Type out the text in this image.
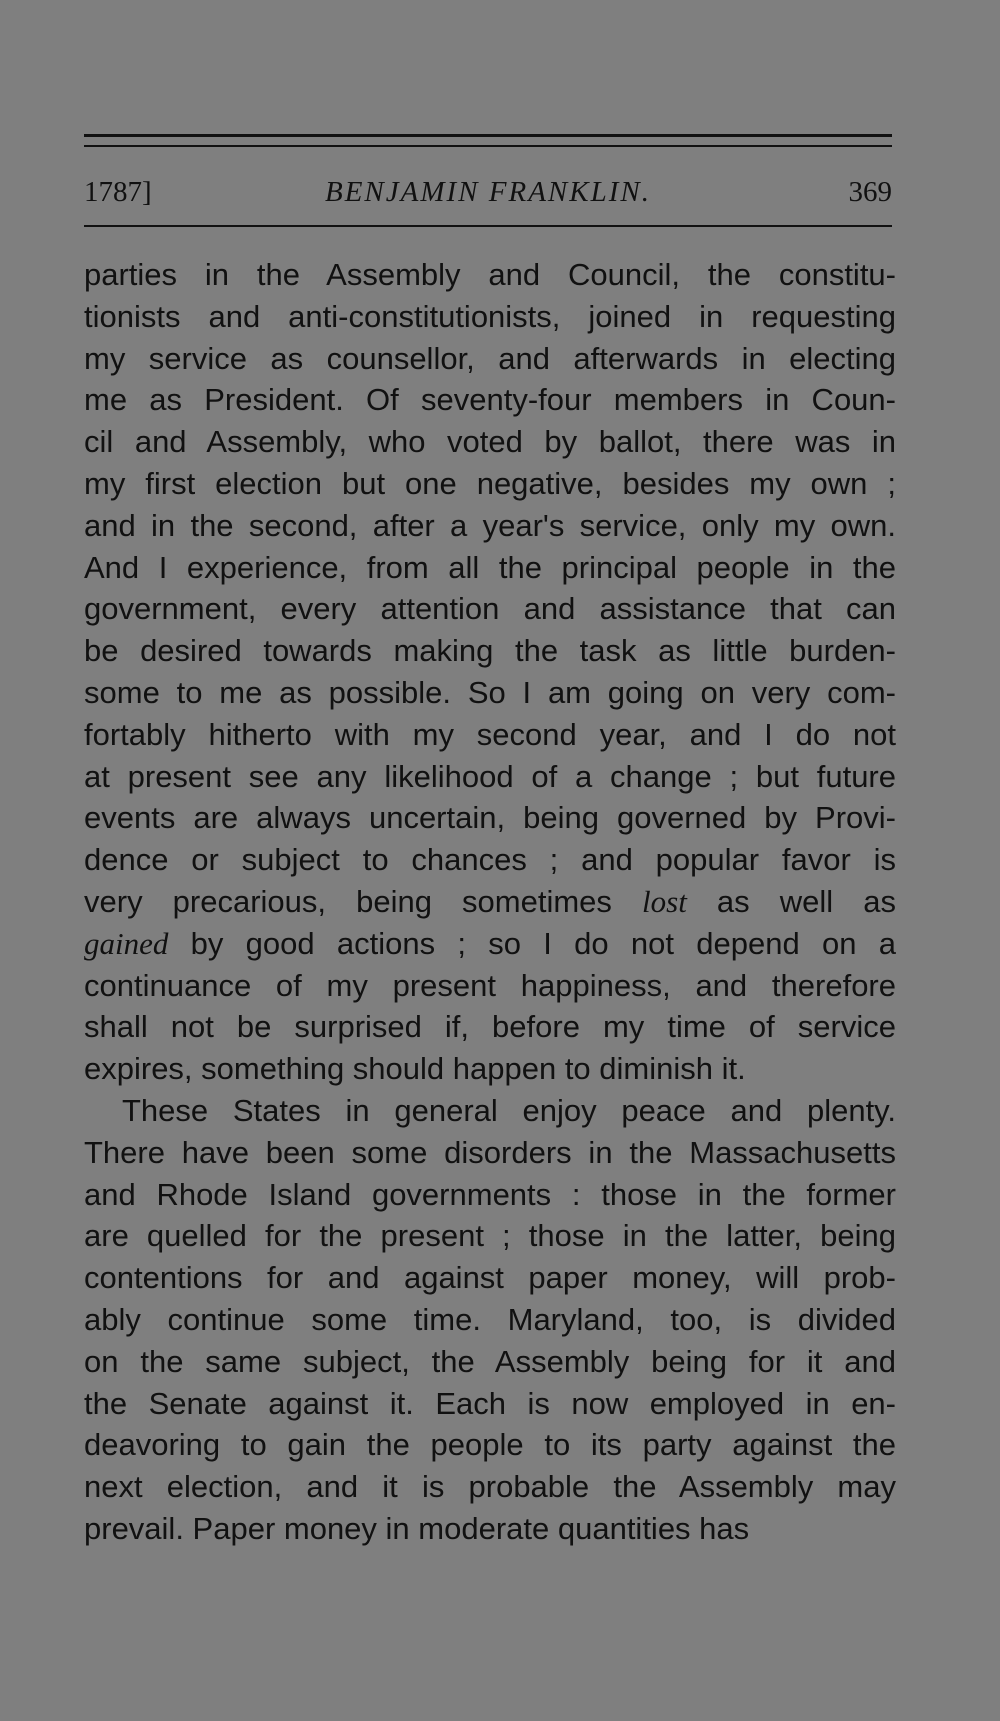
1787]	BENJAMIN FRANKLIN.	369
parties in the Assembly and Council, the constitu-
tionists and anti-constitutionists, joined in requesting
my service as counsellor, and afterwards in electing
me as President. Of seventy-four members in Coun-
cil and Assembly, who voted by ballot, there was in
my first election but one negative, besides my own ;
and in the second, after a year's service, only my own.
And I experience, from all the principal people in the
government, every attention and assistance that can
be desired towards making the task as little burden-
some to me as possible. So I am going on very com-
fortably hitherto with my second year, and I do not
at present see any likelihood of a change ; but future
events are always uncertain, being governed by Provi-
dence or subject to chances ; and popular favor is
very precarious, being sometimes lost as well as
gained by good actions ; so I do not depend on a
continuance of my present happiness, and therefore
shall not be surprised if, before my time of service
expires, something should happen to diminish it.
These States in general enjoy peace and plenty.
There have been some disorders in the Massachusetts
and Rhode Island governments : those in the former
are quelled for the present ; those in the latter, being
contentions for and against paper money, will prob-
ably continue some time. Maryland, too, is divided
on the same subject, the Assembly being for it and
the Senate against it. Each is now employed in en-
deavoring to gain the people to its party against the
next election, and it is probable the Assembly may
prevail. Paper money in moderate quantities has
